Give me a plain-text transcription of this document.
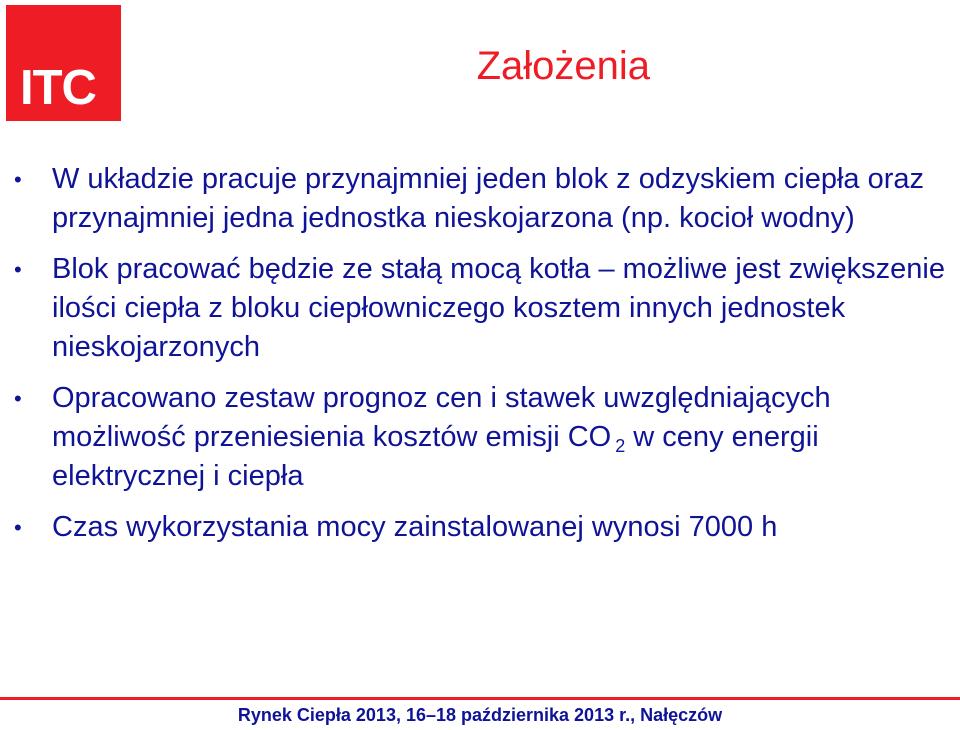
ITC	Założenia
• W układzie pracuje przynajmniej jeden blok z odzyskiem ciepła oraz przynajmniej jedna jednostka nieskojarzona (np. kocioł wodny)
• Blok pracować będzie ze stałą mocą kotła – możliwe jest zwiększenie ilości ciepła z bloku ciepłowniczego kosztem innych jednostek nieskojarzonych
• Opracowano zestaw prognoz cen i stawek uwzględniających możliwość przeniesienia kosztów emisji CO $_2$ w ceny energii elektrycznej i ciepła
• Czas wykorzystania mocy zainstalowanej wynosi 7000 h
Rynek Ciepła 2013, 16–18 października 2013 r., Nałęczów
